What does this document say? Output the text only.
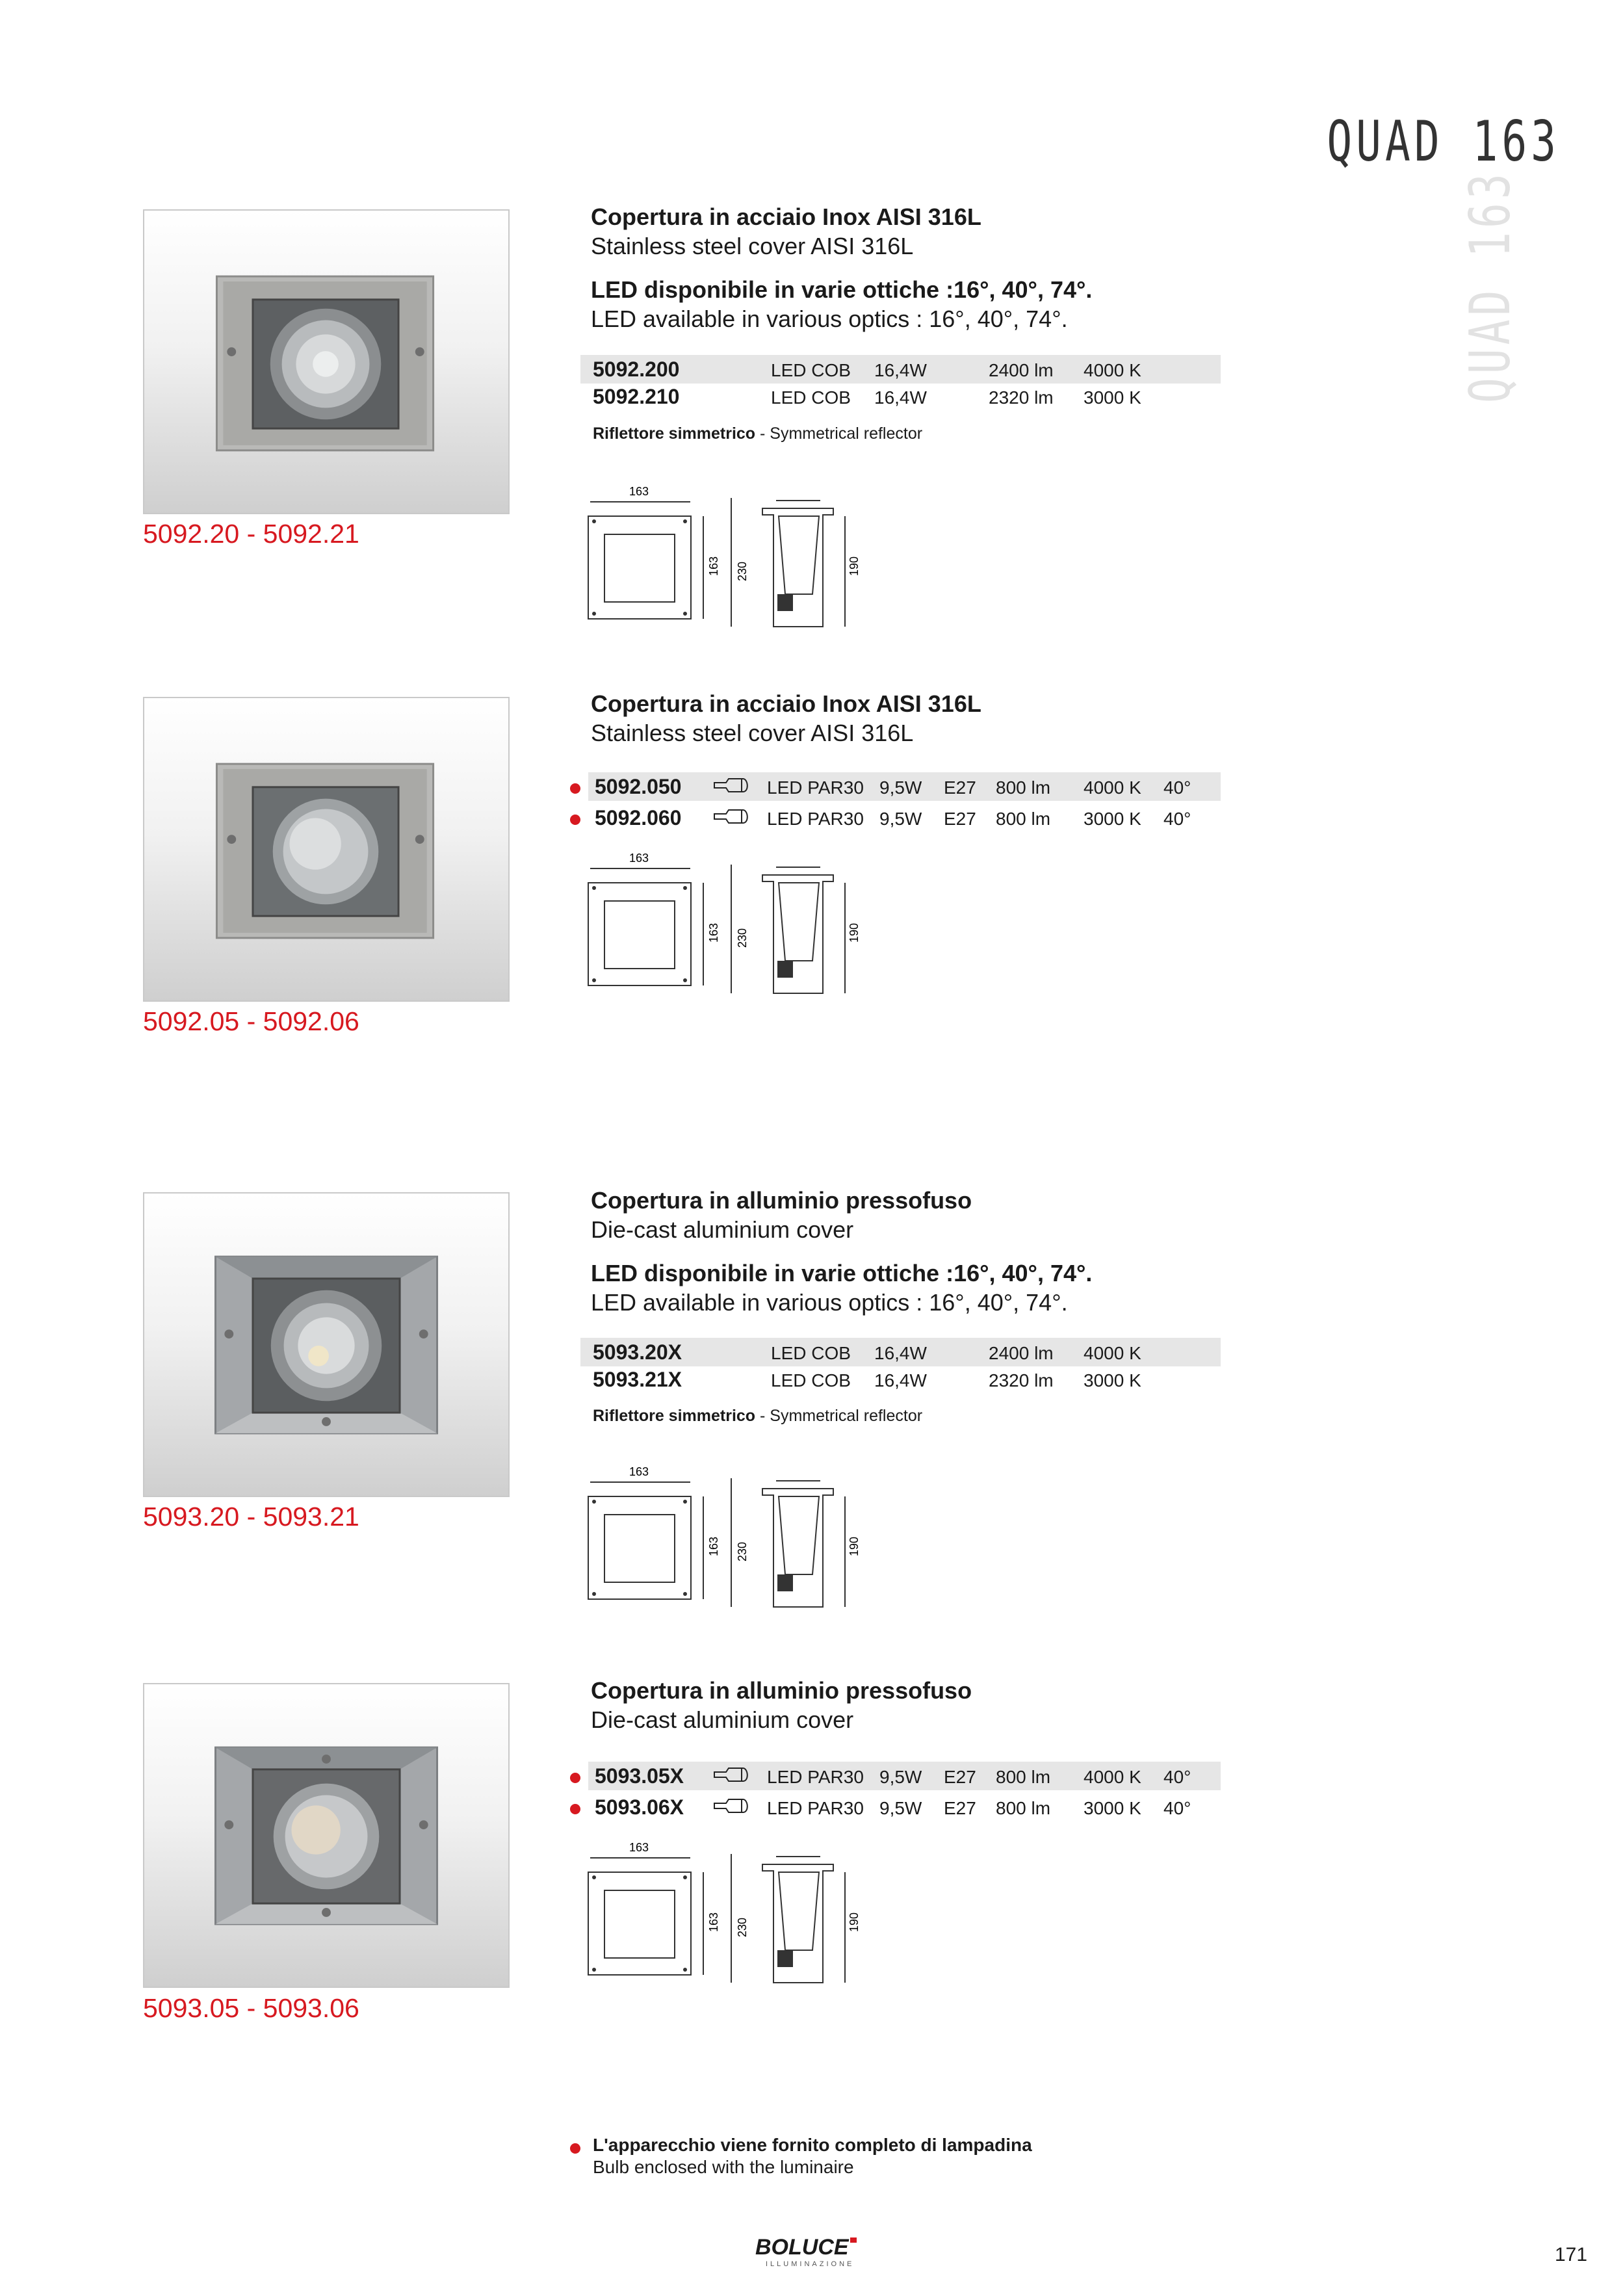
QUAD 163
QUAD 163
5092.20 - 5092.21
Copertura in acciaio Inox AISI 316L
Stainless steel cover AISI 316L
LED disponibile in varie ottiche :16°, 40°, 74°.
LED available in various optics : 16°, 40°, 74°.
5092.200	LED COB 16,4W	2400 lm 4000 K
5092.210	LED COB 16,4W	2320 lm 3000 K
Riflettore simmetrico - Symmetrical reflector
163
163 230	190
5092.05 - 5092.06
Copertura in acciaio Inox AISI 316L
Stainless steel cover AISI 316L
5092.050	LED PAR30 9,5W E27 800 lm 4000 K 40°
5092.060	LED PAR30 9,5W E27 800 lm 3000 K 40°
163
163 230	190
5093.20 - 5093.21
Copertura in alluminio pressofuso
Die-cast aluminium cover
LED disponibile in varie ottiche :16°, 40°, 74°.
LED available in various optics : 16°, 40°, 74°.
5093.20X	LED COB 16,4W	2400 lm 4000 K
5093.21X	LED COB 16,4W	2320 lm 3000 K
Riflettore simmetrico - Symmetrical reflector
163
163 230	190
5093.05 - 5093.06
Copertura in alluminio pressofuso
Die-cast aluminium cover
5093.05X	LED PAR30 9,5W E27 800 lm 4000 K 40°
5093.06X	LED PAR30 9,5W E27 800 lm 3000 K 40°
163
163 230	190
L'apparecchio viene fornito completo di lampadina
Bulb enclosed with the luminaire
BOLUCE
ILLUMINAZIONE	171
